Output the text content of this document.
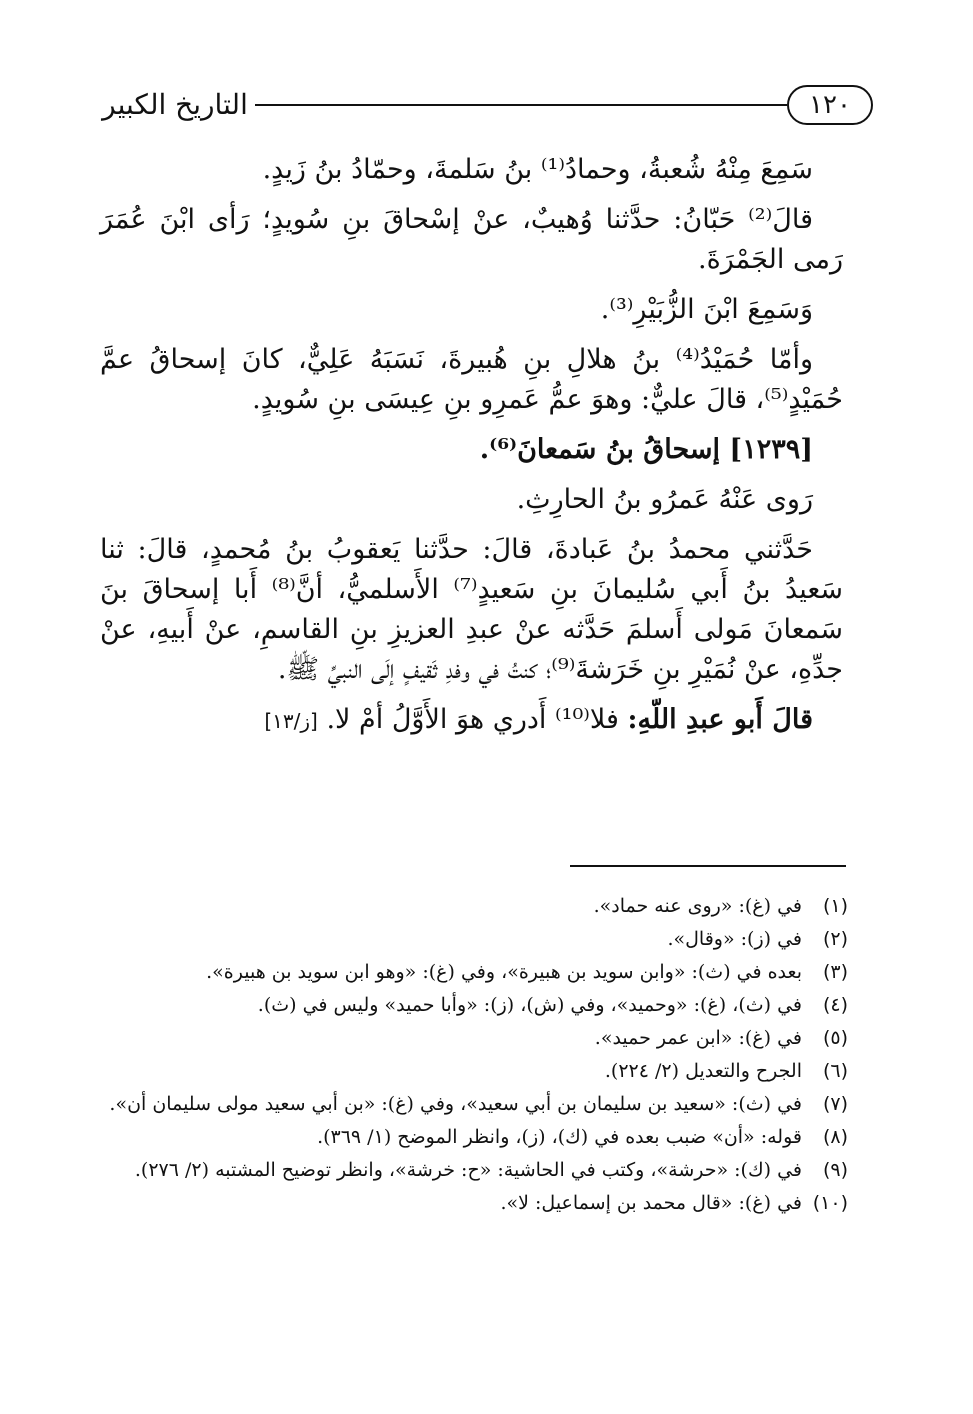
التاريخ الكبير	١٢٠

سَمِعَ مِنْهُ شُعبةُ، وحمادُ⁽¹⁾ بنُ سَلمةَ، وحمّادُ بنُ زَيدٍ.

قالَ⁽²⁾ حَبّانُ: حدَّثنا وُهيبٌ، عنْ إسْحاقَ بنِ سُويدٍ؛ رَأى ابْنَ عُمَرَ رَمى الجَمْرَةَ.

وَسَمِعَ ابْنَ الزُّبَيْرِ⁽³⁾.

وأمّا حُمَيْدُ⁽⁴⁾ بنُ هلالِ بنِ هُبيرةَ، نَسَبَهُ عَلِيٌّ، كانَ إسحاقُ عمَّ حُمَيْدٍ⁽⁵⁾، قالَ عليٌّ: وهوَ عمُّ عَمرِو بنِ عِيسَى بنِ سُويدٍ.

[١٢٣٩] إسحاقُ بنُ سَمعانَ⁽⁶⁾.

رَوى عَنْهُ عَمرُو بنُ الحارِثِ.

حَدَّثني محمدُ بنُ عَبادةَ، قالَ: حدَّثنا يَعقوبُ بنُ مُحمدٍ، قالَ: ثنا سَعيدُ بنُ أَبي سُليمانَ بنِ سَعيدٍ⁽⁷⁾ الأَسلميُّ، أنَّ⁽⁸⁾ أَبا إسحاقَ بنَ سَمعانَ مَولى أَسلمَ حَدَّثه عنْ عبدِ العزيزِ بنِ القاسمِ، عنْ أَبيهِ، عنْ جدِّهِ، عنْ نُمَيْرِ بنِ خَرَشةَ⁽⁹⁾؛ كنتُ في وفدِ ثَقيفٍ إلَى النبيِّ ﷺ.

قالَ أَبو عبدِ اللّهِ: فلا⁽¹⁰⁾ أَدري هوَ الأَوَّلُ أمْ لا. [ز/١٣]

(١)
في (غ): «روى عنه حماد».
(٢)
في (ز): «وقال».
(٣)
بعده في (ث): «وابن سويد بن هبيرة»، وفي (غ): «وهو ابن سويد بن هبيرة».
(٤)
في (ث)، (غ): «وحميد»، وفي (ش)، (ز): «وأبا حميد» وليس في (ث).
(٥)
في (غ): «ابن عمر حميد».
(٦)
الجرح والتعديل (٢/ ٢٢٤).
(٧)
في (ث): «سعيد بن سليمان بن أبي سعيد»، وفي (غ): «بن أبي سعيد مولى سليمان أن».
(٨)
قوله: «أن» ضبب بعده في (ك)، (ز)، وانظر الموضح (١/ ٣٦٩).
(٩)
في (ك): «حرشة»، وكتب في الحاشية: «ح: خرشة»، وانظر توضيح المشتبه (٢/ ٢٧٦).
(١٠)
في (غ): «قال محمد بن إسماعيل: لا».
